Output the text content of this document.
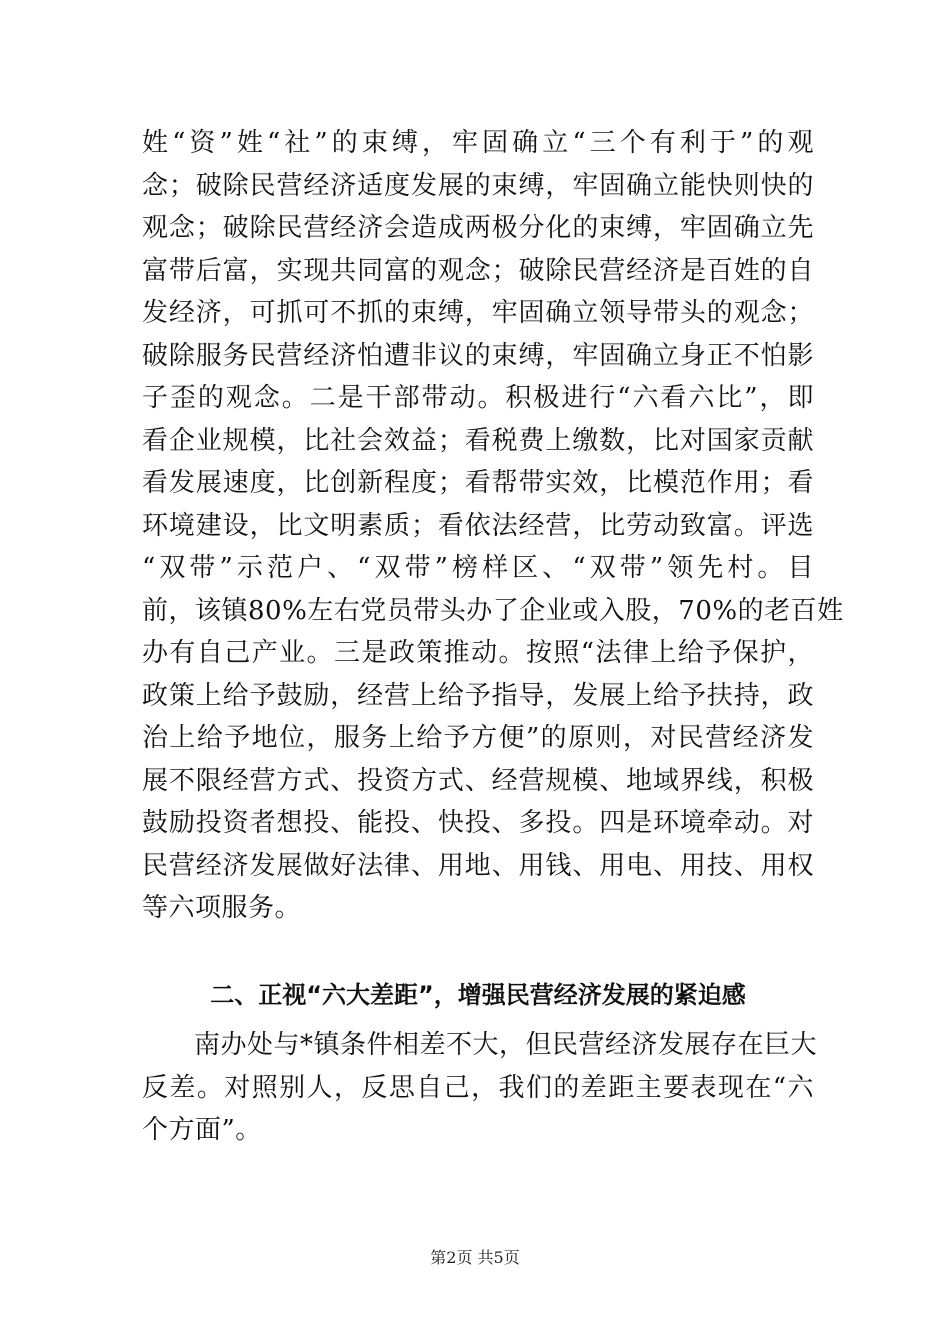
姓“资”姓“社”的束缚，牢固确立“三个有利于”的观
念；破除民营经济适度发展的束缚，牢固确立能快则快的
观念；破除民营经济会造成两极分化的束缚，牢固确立先
富带后富，实现共同富的观念；破除民营经济是百姓的自
发经济，可抓可不抓的束缚，牢固确立领导带头的观念；
破除服务民营经济怕遭非议的束缚，牢固确立身正不怕影
子歪的观念。二是干部带动。积极进行“六看六比”，即
看企业规模，比社会效益；看税费上缴数，比对国家贡献
看发展速度，比创新程度；看帮带实效，比模范作用；看
环境建设，比文明素质；看依法经营，比劳动致富。评选
“双带”示范户、“双带”榜样区、“双带”领先村。目
前，该镇80%左右党员带头办了企业或入股，70%的老百姓
办有自己产业。三是政策推动。按照“法律上给予保护，
政策上给予鼓励，经营上给予指导，发展上给予扶持，政
治上给予地位，服务上给予方便”的原则，对民营经济发
展不限经营方式、投资方式、经营规模、地域界线，积极
鼓励投资者想投、能投、快投、多投。四是环境牵动。对
民营经济发展做好法律、用地、用钱、用电、用技、用权
等六项服务。
二、正视“六大差距”，增强民营经济发展的紧迫感
南办处与*镇条件相差不大，但民营经济发展存在巨大
反差。对照别人，反思自己，我们的差距主要表现在“六
个方面”。
第2页 共5页
